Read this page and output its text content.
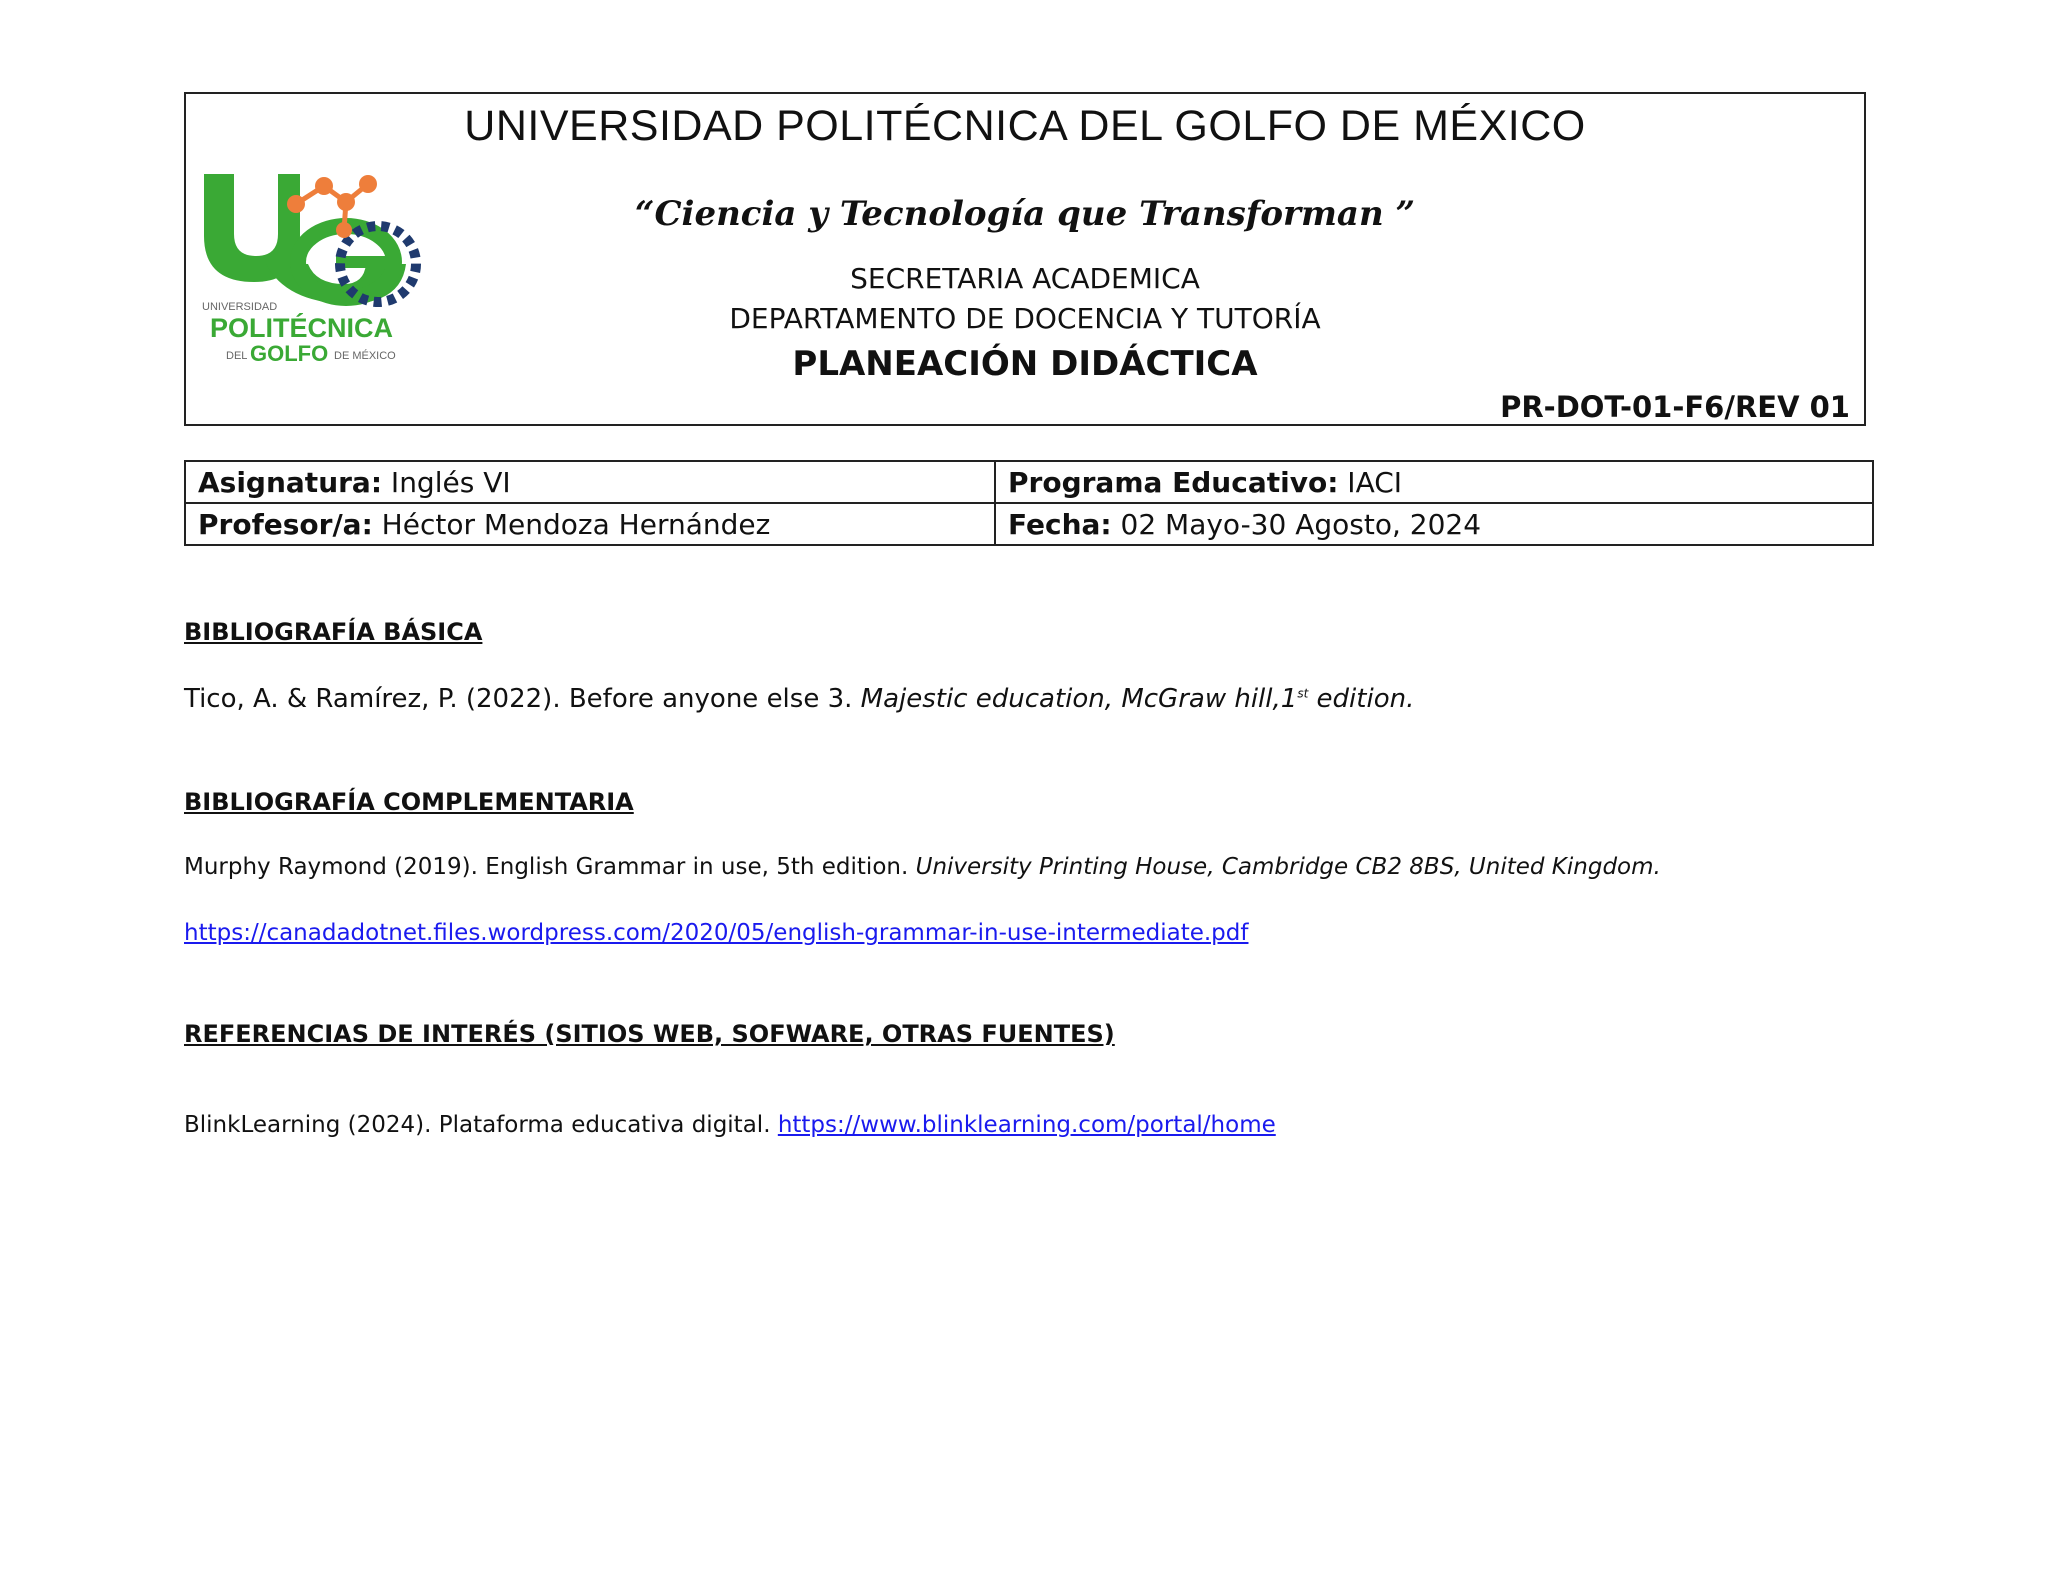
UNIVERSIDAD
POLITÉCNICA
DEL GOLFO DE MÉXICO
UNIVERSIDAD POLITÉCNICA DEL GOLFO DE MÉXICO
“Ciencia y Tecnología que Transforman ”
SECRETARIA ACADEMICA
DEPARTAMENTO DE DOCENCIA Y TUTORÍA
PLANEACIÓN DIDÁCTICA
PR-DOT-01-F6/REV 01
Asignatura: Inglés VI	Programa Educativo: IACI
Profesor/a: Héctor Mendoza Hernández	Fecha: 02 Mayo-30 Agosto, 2024
BIBLIOGRAFÍA BÁSICA
Tico, A. & Ramírez, P. (2022). Before anyone else 3. Majestic education, McGraw hill,1st edition.
BIBLIOGRAFÍA COMPLEMENTARIA
Murphy Raymond (2019). English Grammar in use, 5th edition. University Printing House, Cambridge CB2 8BS, United Kingdom.
https://canadadotnet.files.wordpress.com/2020/05/english-grammar-in-use-intermediate.pdf
REFERENCIAS DE INTERÉS (SITIOS WEB, SOFWARE, OTRAS FUENTES)
BlinkLearning (2024). Plataforma educativa digital. https://www.blinklearning.com/portal/home
